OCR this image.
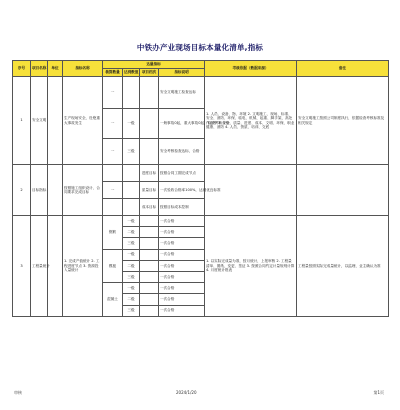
中铁办产业现场目标本量化清单,指标
序号	项目名称	单位	指标名称	达量指标				考核依据（数据来源）	备注
				核算数量	达到数值	项目档次	指标说明		
1	安全文明		生产现场安全，杜绝重大事故发生	一			安全文明施工检查达标	1. 人员、设备、物、环境 2. 文明施工、现场、标准、安全、消防、环保、临电、机械、起重、脚手架、高处作业等 3. 安全、质量、进度、成本、文明、环保、职业健康、消防 4. 人员、资质、培训、交底	安全文明施工按照公司制度执行，依据检查考核标准及相关规定
				一	一级		一般事故0起，重大事故0起，检查考核合格		
				一	三级		安全考核检查达标，合格		
2	目标指标		按照施工组织设计、合同要求完成目标			进度目标	按照合同工期完成节点		
				一		质量目标	一次验收合格率100%，达到优良标准		
						成本目标	按照目标成本控制		
3	工程量统计		1. 完成产值统计 2. 工程进度节点 3. 资源投入量统计	钢筋	一级		一次合格	1. 以实际完成量为准，按月统计，上报审核 2. 工程量清单、图纸、变更、签证 3. 按照合同约定计量规则计算 4. 月度统计报表	工程量按照实际完成量统计，以监理、业主确认为准
					二级		一次合格		
					三级		一次合格		
				模板	一级		一次合格		
					二级		一次合格		
					三级		一次合格		
				混凝土	一级		一次合格		
					二级		一次合格		
					三级		一次合格		
审核	2024/1/20	第1页
